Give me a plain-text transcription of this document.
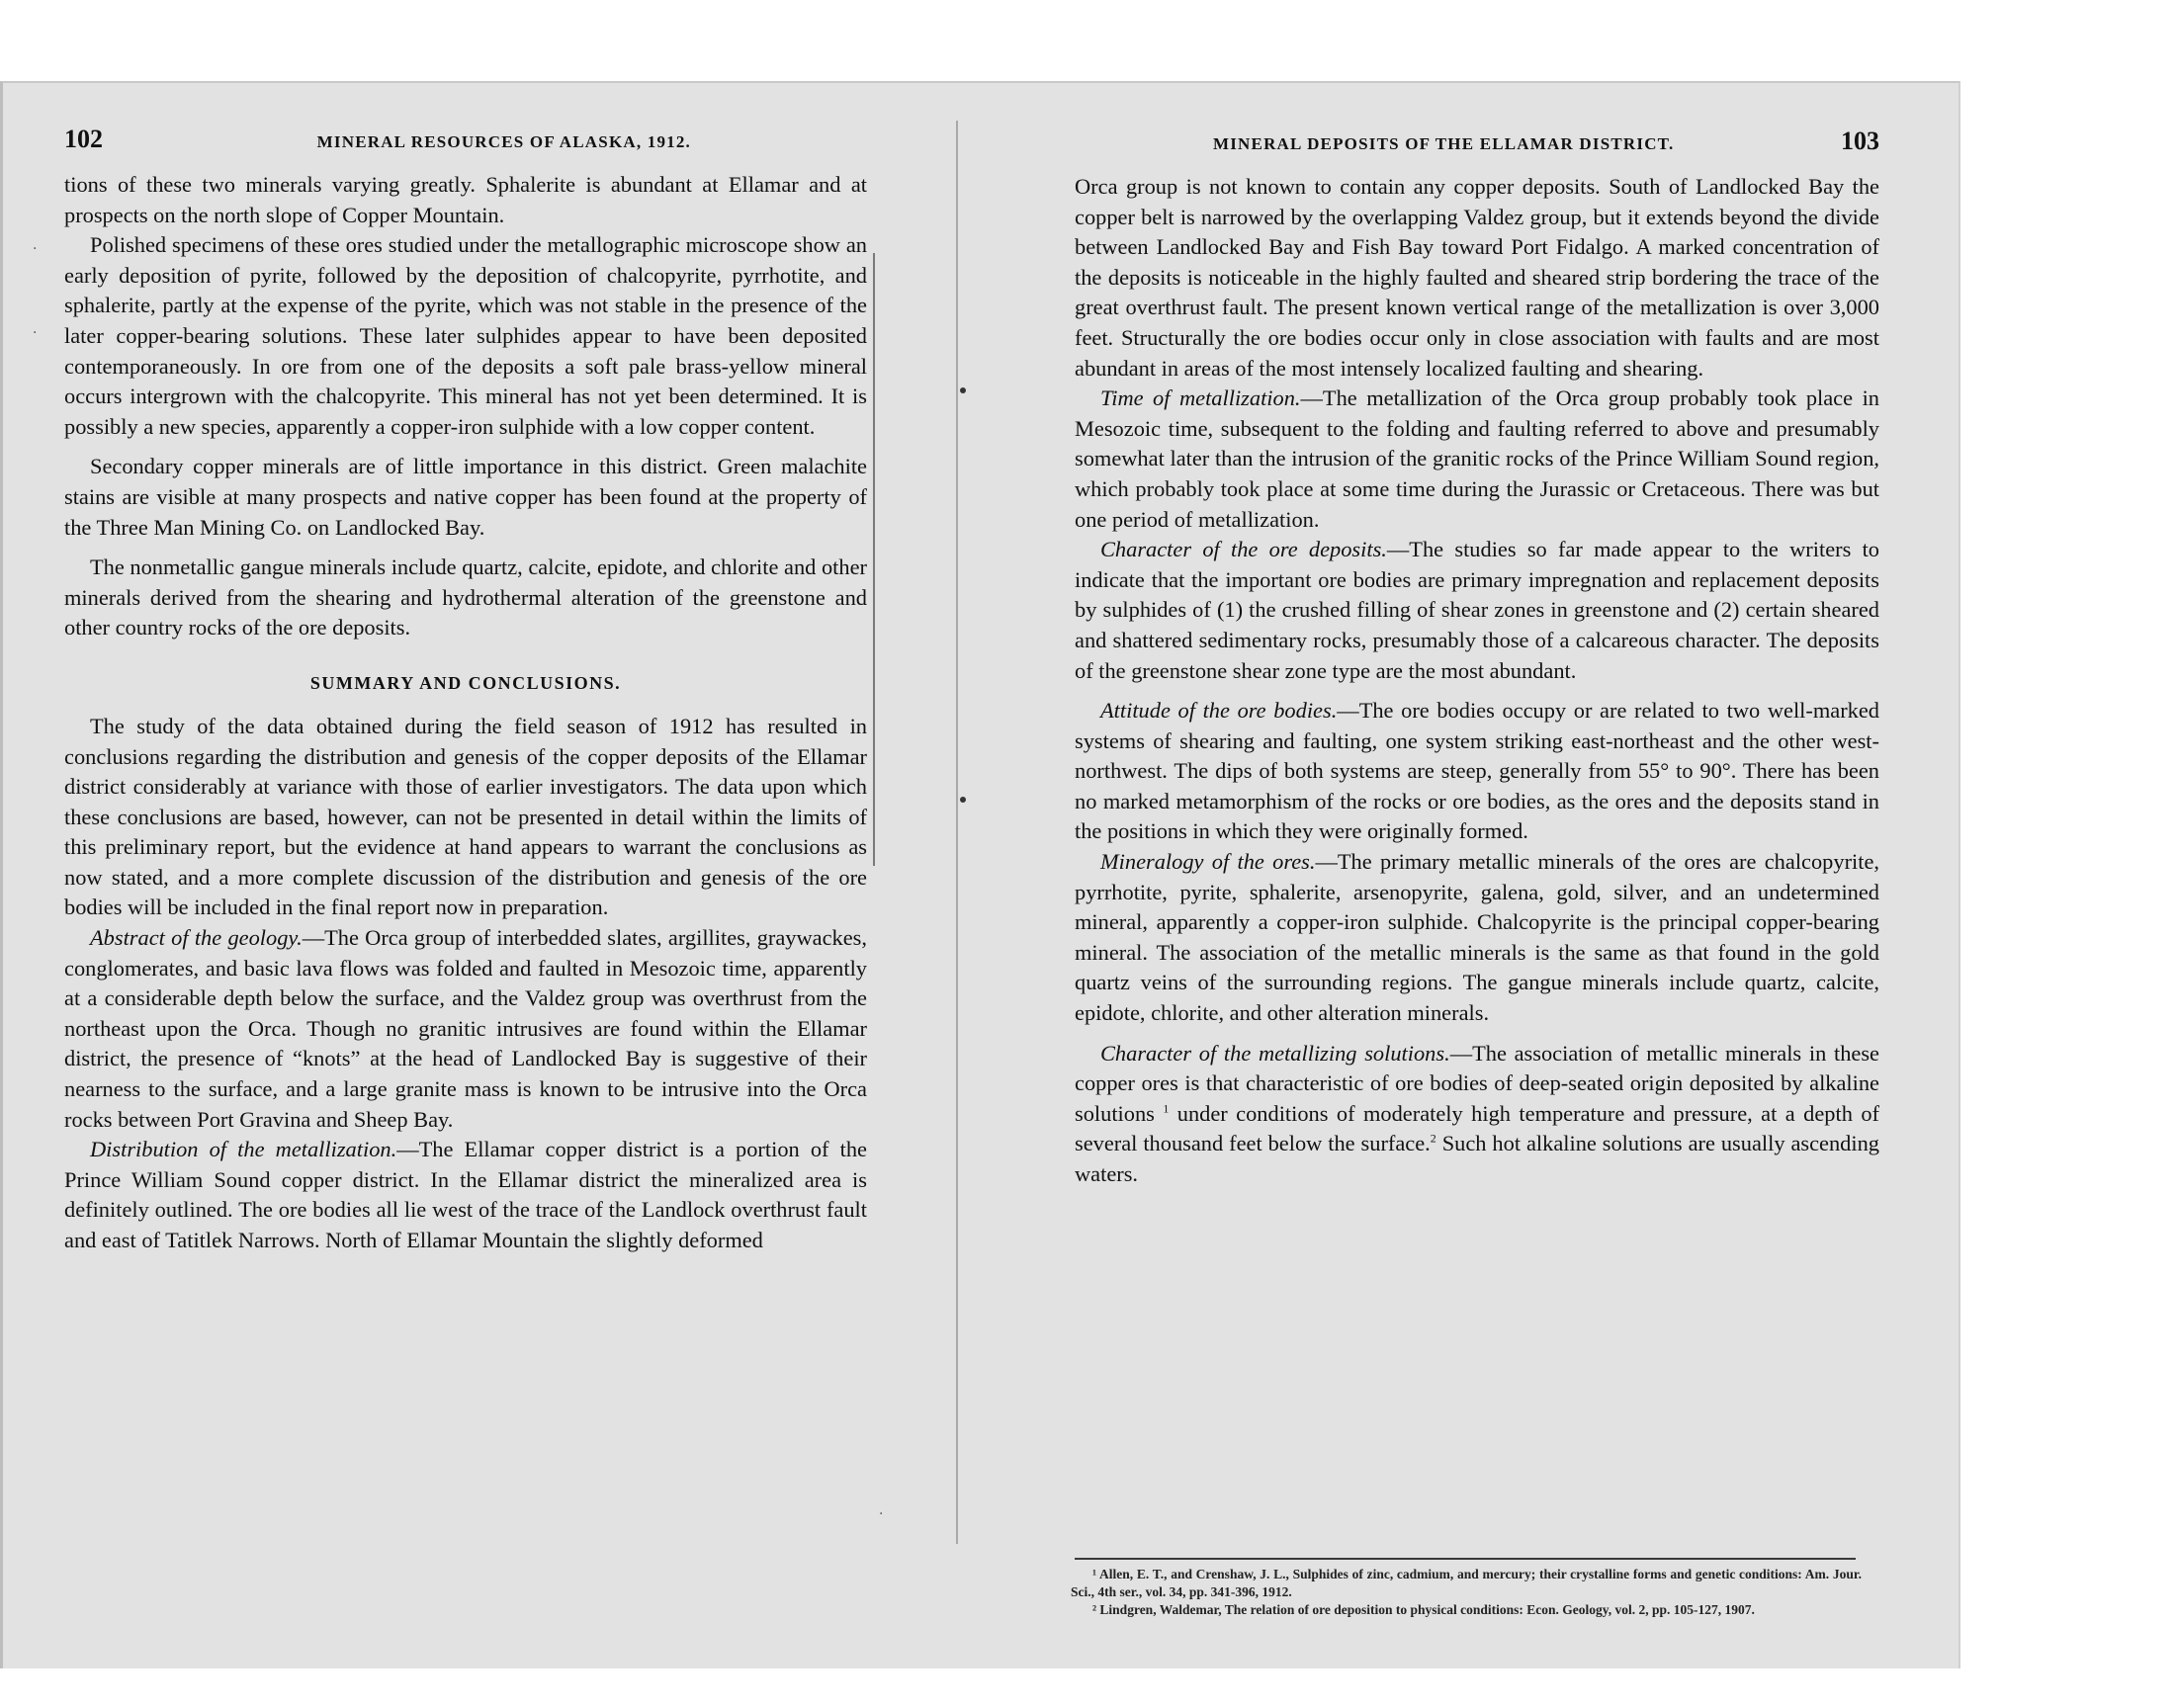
·
·
·
102	MINERAL RESOURCES OF ALASKA, 1912.

tions of these two minerals varying greatly. Sphalerite is abundant at Ellamar and at prospects on the north slope of Copper Mountain.

Polished specimens of these ores studied under the metallographic microscope show an early deposition of pyrite, followed by the deposition of chalcopyrite, pyrrhotite, and sphalerite, partly at the expense of the pyrite, which was not stable in the presence of the later copper-bearing solutions. These later sulphides appear to have been deposited contemporaneously. In ore from one of the deposits a soft pale brass-yellow mineral occurs intergrown with the chalcopyrite. This mineral has not yet been determined. It is possibly a new species, apparently a copper-iron sulphide with a low copper content.

Secondary copper minerals are of little importance in this district. Green malachite stains are visible at many prospects and native copper has been found at the property of the Three Man Mining Co. on Landlocked Bay.

The nonmetallic gangue minerals include quartz, calcite, epidote, and chlorite and other minerals derived from the shearing and hydrothermal alteration of the greenstone and other country rocks of the ore deposits.

SUMMARY AND CONCLUSIONS.

The study of the data obtained during the field season of 1912 has resulted in conclusions regarding the distribution and genesis of the copper deposits of the Ellamar district considerably at variance with those of earlier investigators. The data upon which these conclusions are based, however, can not be presented in detail within the limits of this preliminary report, but the evidence at hand appears to warrant the conclusions as now stated, and a more complete discussion of the distribution and genesis of the ore bodies will be included in the final report now in preparation.

Abstract of the geology.—The Orca group of interbedded slates, argillites, graywackes, conglomerates, and basic lava flows was folded and faulted in Mesozoic time, apparently at a considerable depth below the surface, and the Valdez group was overthrust from the northeast upon the Orca. Though no granitic intrusives are found within the Ellamar district, the presence of “knots” at the head of Landlocked Bay is suggestive of their nearness to the surface, and a large granite mass is known to be intrusive into the Orca rocks between Port Gravina and Sheep Bay.

Distribution of the metallization.—The Ellamar copper district is a portion of the Prince William Sound copper district. In the Ellamar district the mineralized area is definitely outlined. The ore bodies all lie west of the trace of the Landlock overthrust fault and east of Tatitlek Narrows. North of Ellamar Mountain the slightly deformed

MINERAL DEPOSITS OF THE ELLAMAR DISTRICT.	103

Orca group is not known to contain any copper deposits. South of Landlocked Bay the copper belt is narrowed by the overlapping Valdez group, but it extends beyond the divide between Landlocked Bay and Fish Bay toward Port Fidalgo. A marked concentration of the deposits is noticeable in the highly faulted and sheared strip bordering the trace of the great overthrust fault. The present known vertical range of the metallization is over 3,000 feet. Structurally the ore bodies occur only in close association with faults and are most abundant in areas of the most intensely localized faulting and shearing.

Time of metallization.—The metallization of the Orca group probably took place in Mesozoic time, subsequent to the folding and faulting referred to above and presumably somewhat later than the intrusion of the granitic rocks of the Prince William Sound region, which probably took place at some time during the Jurassic or Cretaceous. There was but one period of metallization.

Character of the ore deposits.—The studies so far made appear to the writers to indicate that the important ore bodies are primary impregnation and replacement deposits by sulphides of (1) the crushed filling of shear zones in greenstone and (2) certain sheared and shattered sedimentary rocks, presumably those of a calcareous character. The deposits of the greenstone shear zone type are the most abundant.

Attitude of the ore bodies.—The ore bodies occupy or are related to two well-marked systems of shearing and faulting, one system striking east-northeast and the other west-northwest. The dips of both systems are steep, generally from 55° to 90°. There has been no marked metamorphism of the rocks or ore bodies, as the ores and the deposits stand in the positions in which they were originally formed.

Mineralogy of the ores.—The primary metallic minerals of the ores are chalcopyrite, pyrrhotite, pyrite, sphalerite, arsenopyrite, galena, gold, silver, and an undetermined mineral, apparently a copper-iron sulphide. Chalcopyrite is the principal copper-bearing mineral. The association of the metallic minerals is the same as that found in the gold quartz veins of the surrounding regions. The gangue minerals include quartz, calcite, epidote, chlorite, and other alteration minerals.

Character of the metallizing solutions.—The association of metallic minerals in these copper ores is that characteristic of ore bodies of deep-seated origin deposited by alkaline solutions $^1$ under conditions of moderately high temperature and pressure, at a depth of several thousand feet below the surface.$^2$ Such hot alkaline solutions are usually ascending waters.

¹ Allen, E. T., and Crenshaw, J. L., Sulphides of zinc, cadmium, and mercury; their crystalline forms and genetic conditions: Am. Jour. Sci., 4th ser., vol. 34, pp. 341-396, 1912.

² Lindgren, Waldemar, The relation of ore deposition to physical conditions: Econ. Geology, vol. 2, pp. 105-127, 1907.
